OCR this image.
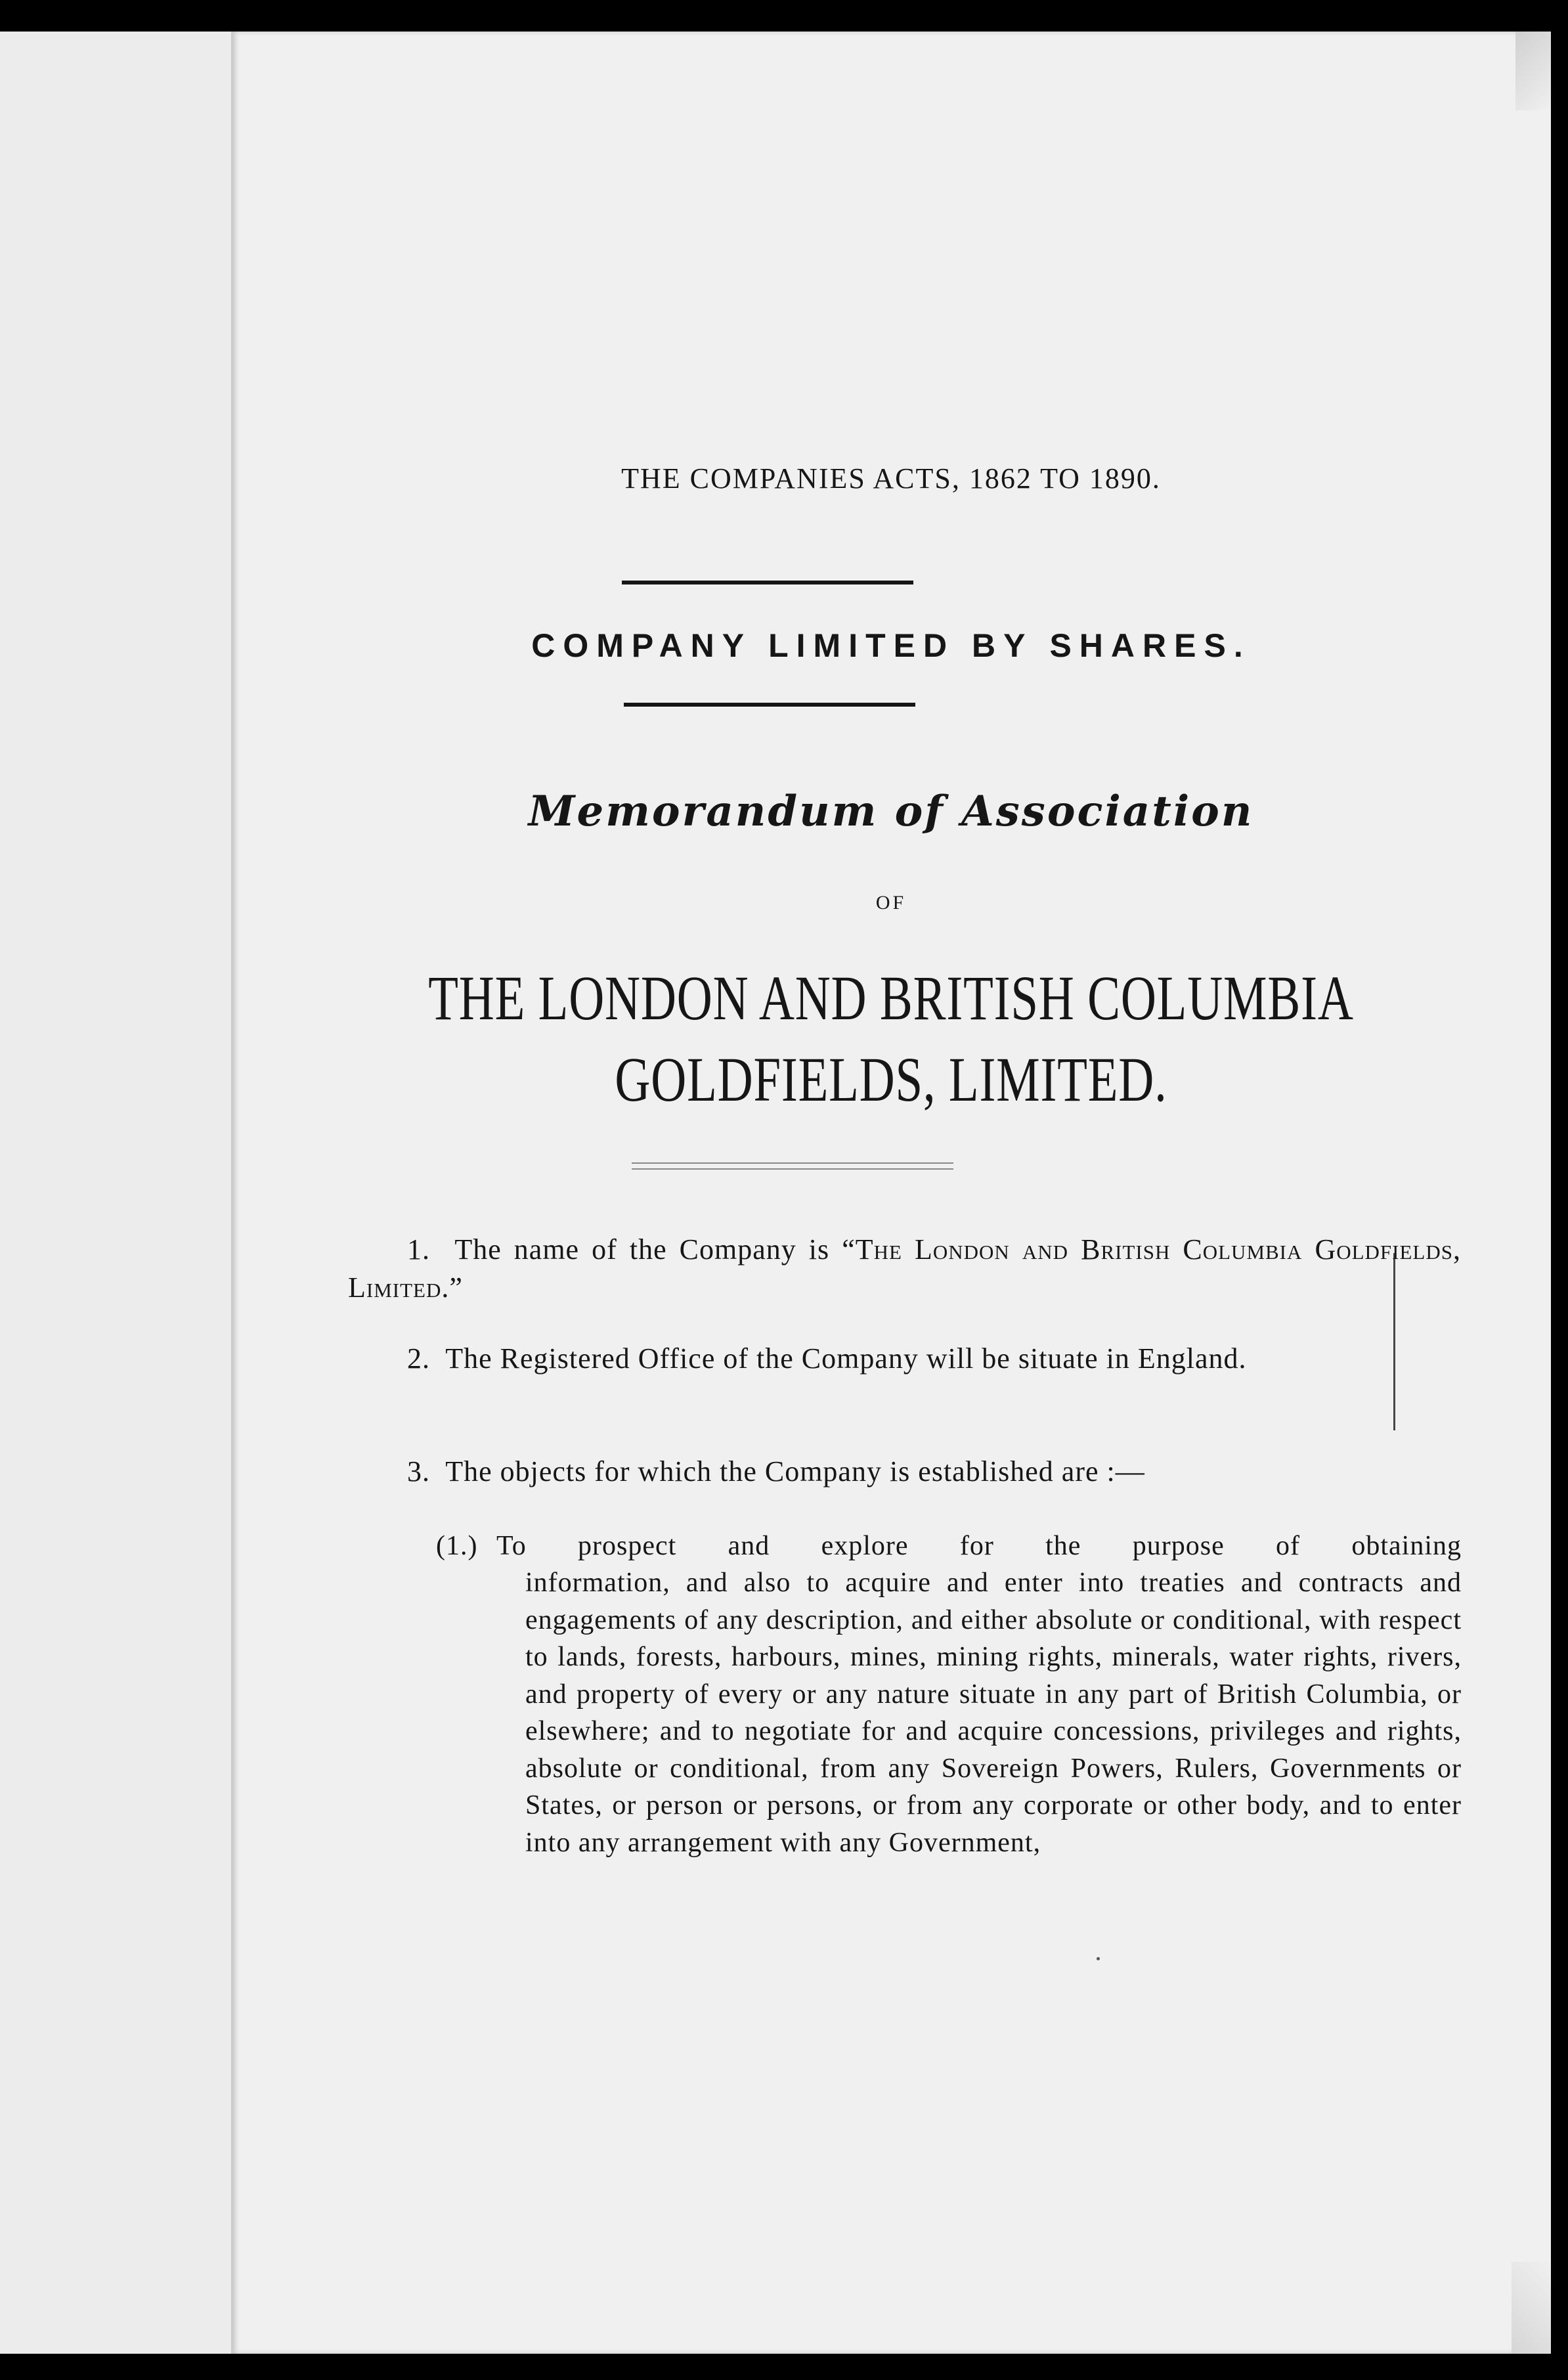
THE COMPANIES ACTS, 1862 TO 1890.
COMPANY LIMITED BY SHARES.
Memorandum of Association
OF
THE LONDON AND BRITISH COLUMBIA
GOLDFIELDS, LIMITED.
1. The name of the Company is “The London and British Columbia Goldfields, Limited.”
2. The Registered Office of the Company will be situate in England.
3. The objects for which the Company is established are :—
(1.) To prospect and explore for the purpose of obtaining
information, and also to acquire and enter into treaties and contracts and engagements of any description, and either absolute or conditional, with respect to lands, forests, harbours, mines, mining rights, minerals, water rights, rivers, and property of every or any nature situate in any part of British Columbia, or elsewhere; and to negotiate for and acquire concessions, privileges and rights, absolute or conditional, from any Sovereign Powers, Rulers, Governments or States, or person or persons, or from any corporate or other body, and to enter into any arrangement with any Government,
